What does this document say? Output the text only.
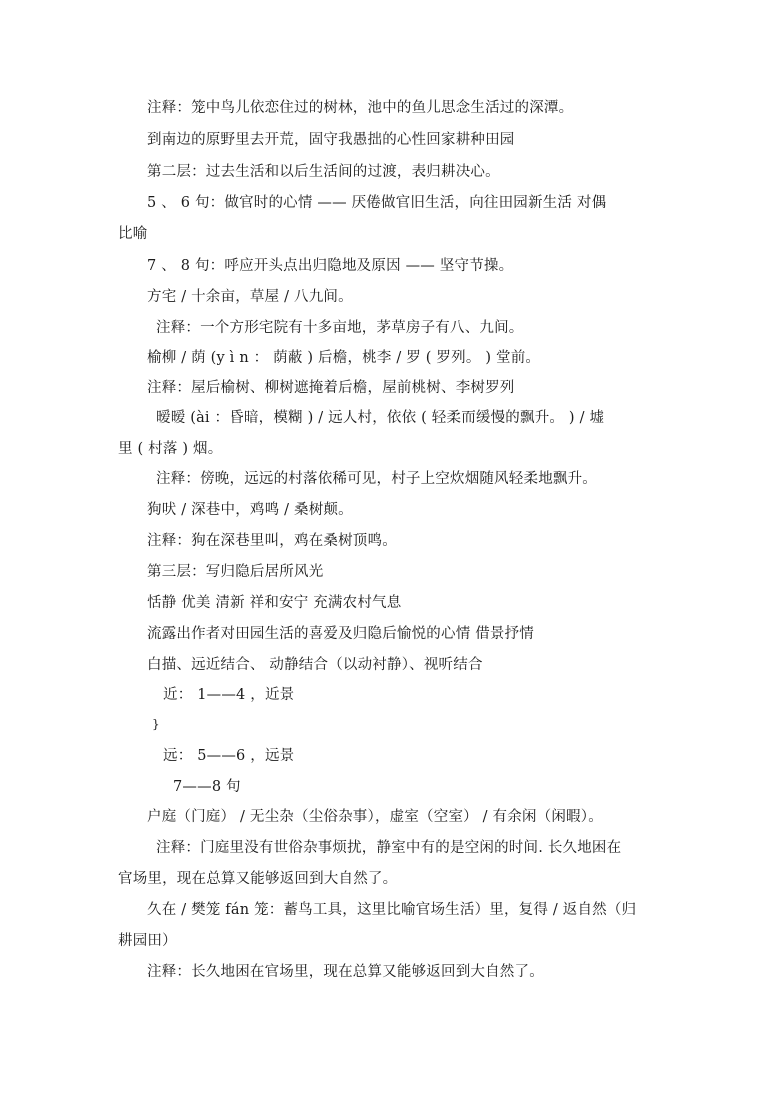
注释：笼中鸟儿依恋住过的树林，池中的鱼儿思念生活过的深潭。
到南边的原野里去开荒，固守我愚拙的心性回家耕种田园
第二层：过去生活和以后生活间的过渡，表归耕决心。
5 、 6 句：做官时的心情 —— 厌倦做官旧生活，向往田园新生活 对偶
比喻
7 、 8 句：呼应开头点出归隐地及原因 —— 坚守节操。
方宅 / 十余亩，草屋 / 八九间。
注释：一个方形宅院有十多亩地，茅草房子有八、九间。
榆柳 / 荫 (y ì n ： 荫蔽 ) 后檐，桃李 / 罗 ( 罗列。 ) 堂前。
注释：屋后榆树、柳树遮掩着后檐，屋前桃树、李树罗列
暧暧 (ài ：昏暗，模糊 ) / 远人村，依依 ( 轻柔而缓慢的飘升。 ) / 墟
里 ( 村落 ) 烟。
注释：傍晚，远远的村落依稀可见，村子上空炊烟随风轻柔地飘升。
狗吠 / 深巷中，鸡鸣 / 桑树颠。
注释：狗在深巷里叫，鸡在桑树顶鸣。
第三层：写归隐后居所风光
恬静 优美 清新 祥和安宁 充满农村气息
流露出作者对田园生活的喜爱及归隐后愉悦的心情 借景抒情
白描、远近结合、 动静结合（以动衬静）、视听结合
近： 1——4 ，近景
}
远： 5——6 ，远景
7——8 句
户庭（门庭） / 无尘杂（尘俗杂事），虚室（空室） / 有余闲（闲暇）。
注释：门庭里没有世俗杂事烦扰，静室中有的是空闲的时间. 长久地困在
官场里，现在总算又能够返回到大自然了。
久在 / 樊笼 fán 笼：蓄鸟工具，这里比喻官场生活）里，复得 / 返自然（归
耕园田）
注释：长久地困在官场里，现在总算又能够返回到大自然了。
